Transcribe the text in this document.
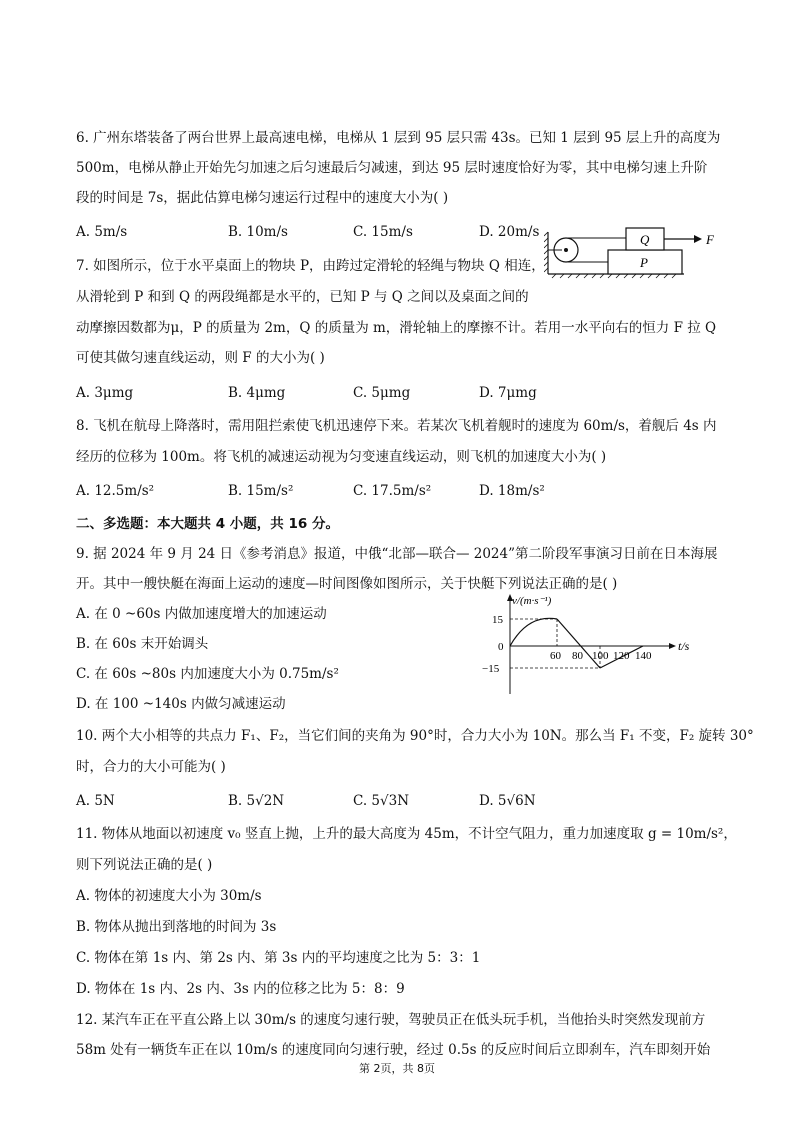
6. 广州东塔装备了两台世界上最高速电梯，电梯从 1 层到 95 层只需 43s。已知 1 层到 95 层上升的高度为
500m，电梯从静止开始先匀加速之后匀速最后匀减速，到达 95 层时速度恰好为零，其中电梯匀速上升阶
段的时间是 7s，据此估算电梯匀速运行过程中的速度大小为( )
A. 5m/s	B. 10m/s	C. 15m/s	D. 20m/s
7. 如图所示，位于水平桌面上的物块 P，由跨过定滑轮的轻绳与物块 Q 相连，
从滑轮到 P 和到 Q 的两段绳都是水平的，已知 P 与 Q 之间以及桌面之间的
动摩擦因数都为μ，P 的质量为 2m，Q 的质量为 m，滑轮轴上的摩擦不计。若用一水平向右的恒力 F 拉 Q
可使其做匀速直线运动，则 F 的大小为( )
A. 3μmg	B. 4μmg	C. 5μmg	D. 7μmg
Q
P
F
8. 飞机在航母上降落时，需用阻拦索使飞机迅速停下来。若某次飞机着舰时的速度为 60m/s，着舰后 4s 内
经历的位移为 100m。将飞机的减速运动视为匀变速直线运动，则飞机的加速度大小为( )
A. 12.5m/s²	B. 15m/s²	C. 17.5m/s²	D. 18m/s²
二、多选题：本大题共 4 小题，共 16 分。
9. 据 2024 年 9 月 24 日《参考消息》报道，中俄“北部—联合— 2024”第二阶段军事演习日前在日本海展
开。其中一艘快艇在海面上运动的速度—时间图像如图所示，关于快艇下列说法正确的是( )
A. 在 0 ~60s 内做加速度增大的加速运动
B. 在 60s 末开始调头
C. 在 60s ~80s 内加速度大小为 0.75m/s²
D. 在 100 ~140s 内做匀减速运动
v/(m·s⁻¹)
t/s
0
15
−15
60 80 100 120 140
10. 两个大小相等的共点力 F₁、F₂，当它们间的夹角为 90°时，合力大小为 10N。那么当 F₁ 不变，F₂ 旋转 30°
时，合力的大小可能为( )
A. 5N	B. 5√2N	C. 5√3N	D. 5√6N
11. 物体从地面以初速度 v₀ 竖直上抛，上升的最大高度为 45m，不计空气阻力，重力加速度取 g = 10m/s²，
则下列说法正确的是( )
A. 物体的初速度大小为 30m/s
B. 物体从抛出到落地的时间为 3s
C. 物体在第 1s 内、第 2s 内、第 3s 内的平均速度之比为 5：3：1
D. 物体在 1s 内、2s 内、3s 内的位移之比为 5：8：9
12. 某汽车正在平直公路上以 30m/s 的速度匀速行驶，驾驶员正在低头玩手机，当他抬头时突然发现前方
58m 处有一辆货车正在以 10m/s 的速度同向匀速行驶，经过 0.5s 的反应时间后立即刹车，汽车即刻开始
第 2页，共 8页
